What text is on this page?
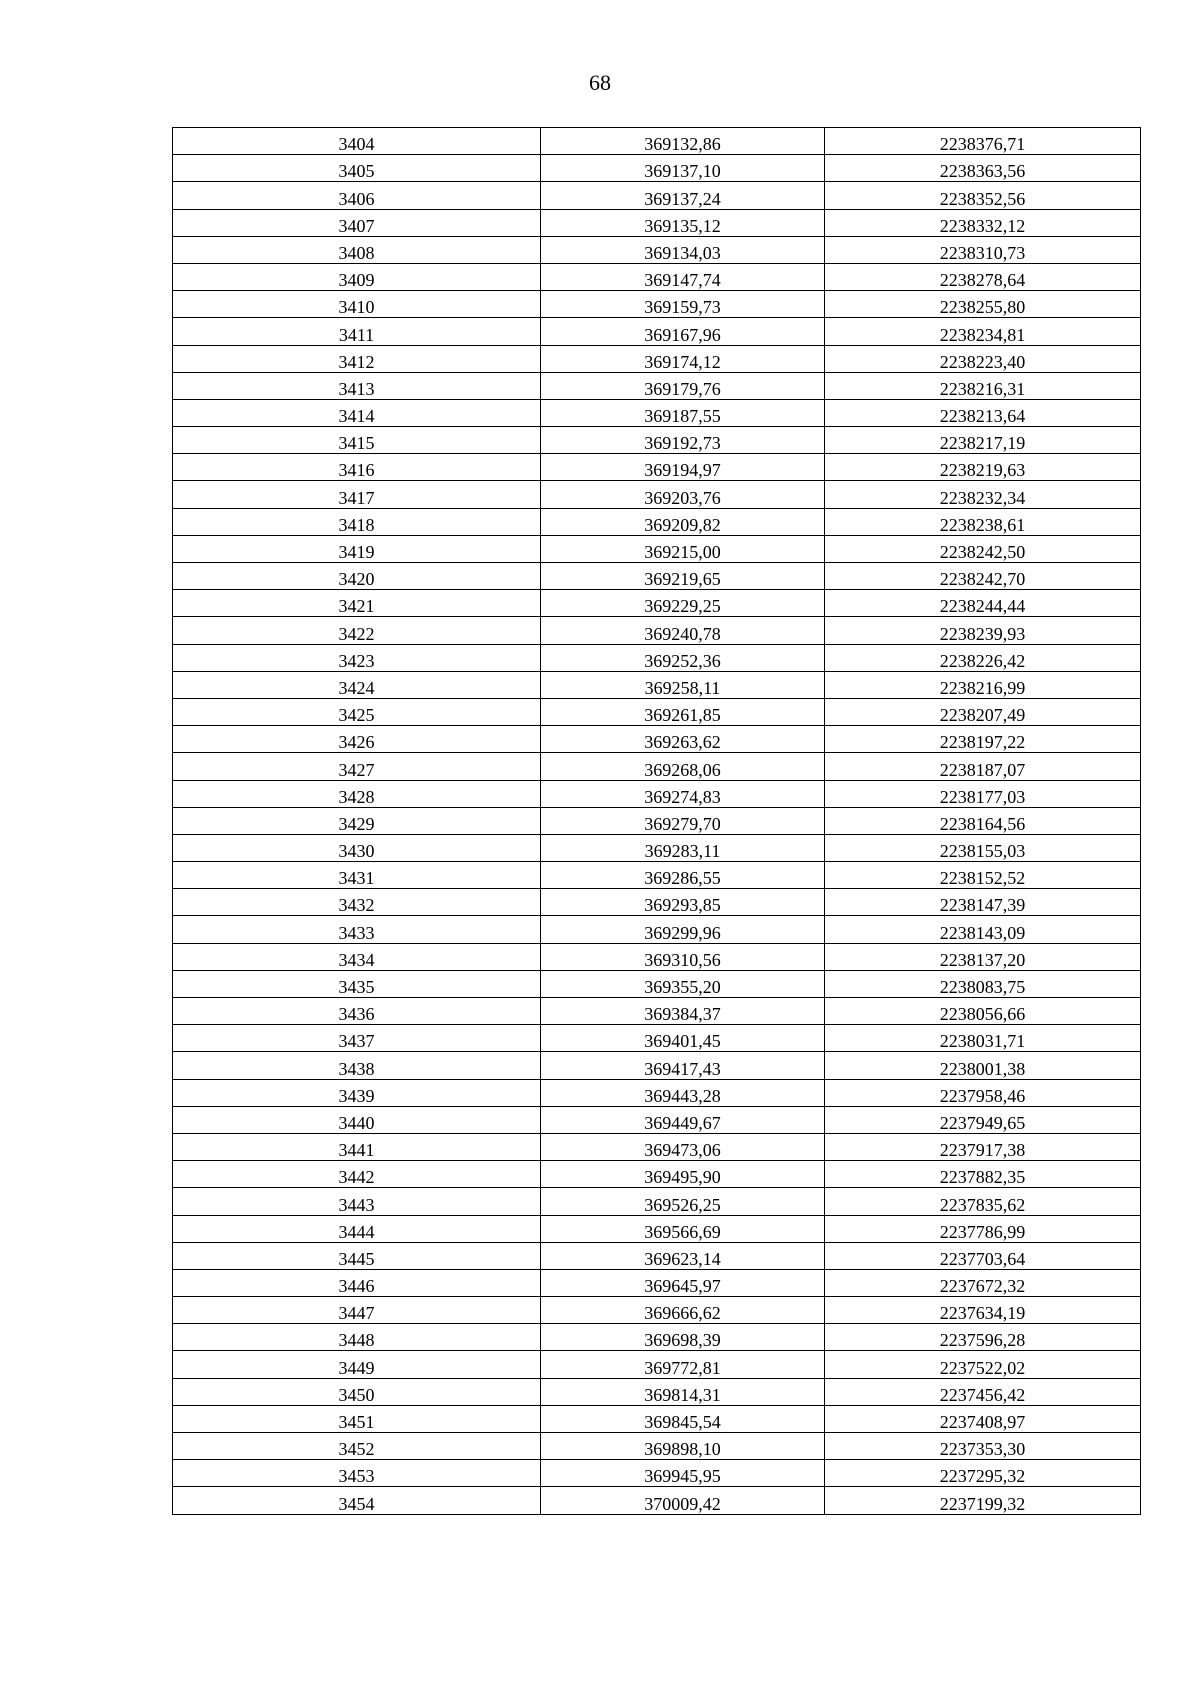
68
3404	369132,86	2238376,71
3405	369137,10	2238363,56
3406	369137,24	2238352,56
3407	369135,12	2238332,12
3408	369134,03	2238310,73
3409	369147,74	2238278,64
3410	369159,73	2238255,80
3411	369167,96	2238234,81
3412	369174,12	2238223,40
3413	369179,76	2238216,31
3414	369187,55	2238213,64
3415	369192,73	2238217,19
3416	369194,97	2238219,63
3417	369203,76	2238232,34
3418	369209,82	2238238,61
3419	369215,00	2238242,50
3420	369219,65	2238242,70
3421	369229,25	2238244,44
3422	369240,78	2238239,93
3423	369252,36	2238226,42
3424	369258,11	2238216,99
3425	369261,85	2238207,49
3426	369263,62	2238197,22
3427	369268,06	2238187,07
3428	369274,83	2238177,03
3429	369279,70	2238164,56
3430	369283,11	2238155,03
3431	369286,55	2238152,52
3432	369293,85	2238147,39
3433	369299,96	2238143,09
3434	369310,56	2238137,20
3435	369355,20	2238083,75
3436	369384,37	2238056,66
3437	369401,45	2238031,71
3438	369417,43	2238001,38
3439	369443,28	2237958,46
3440	369449,67	2237949,65
3441	369473,06	2237917,38
3442	369495,90	2237882,35
3443	369526,25	2237835,62
3444	369566,69	2237786,99
3445	369623,14	2237703,64
3446	369645,97	2237672,32
3447	369666,62	2237634,19
3448	369698,39	2237596,28
3449	369772,81	2237522,02
3450	369814,31	2237456,42
3451	369845,54	2237408,97
3452	369898,10	2237353,30
3453	369945,95	2237295,32
3454	370009,42	2237199,32
